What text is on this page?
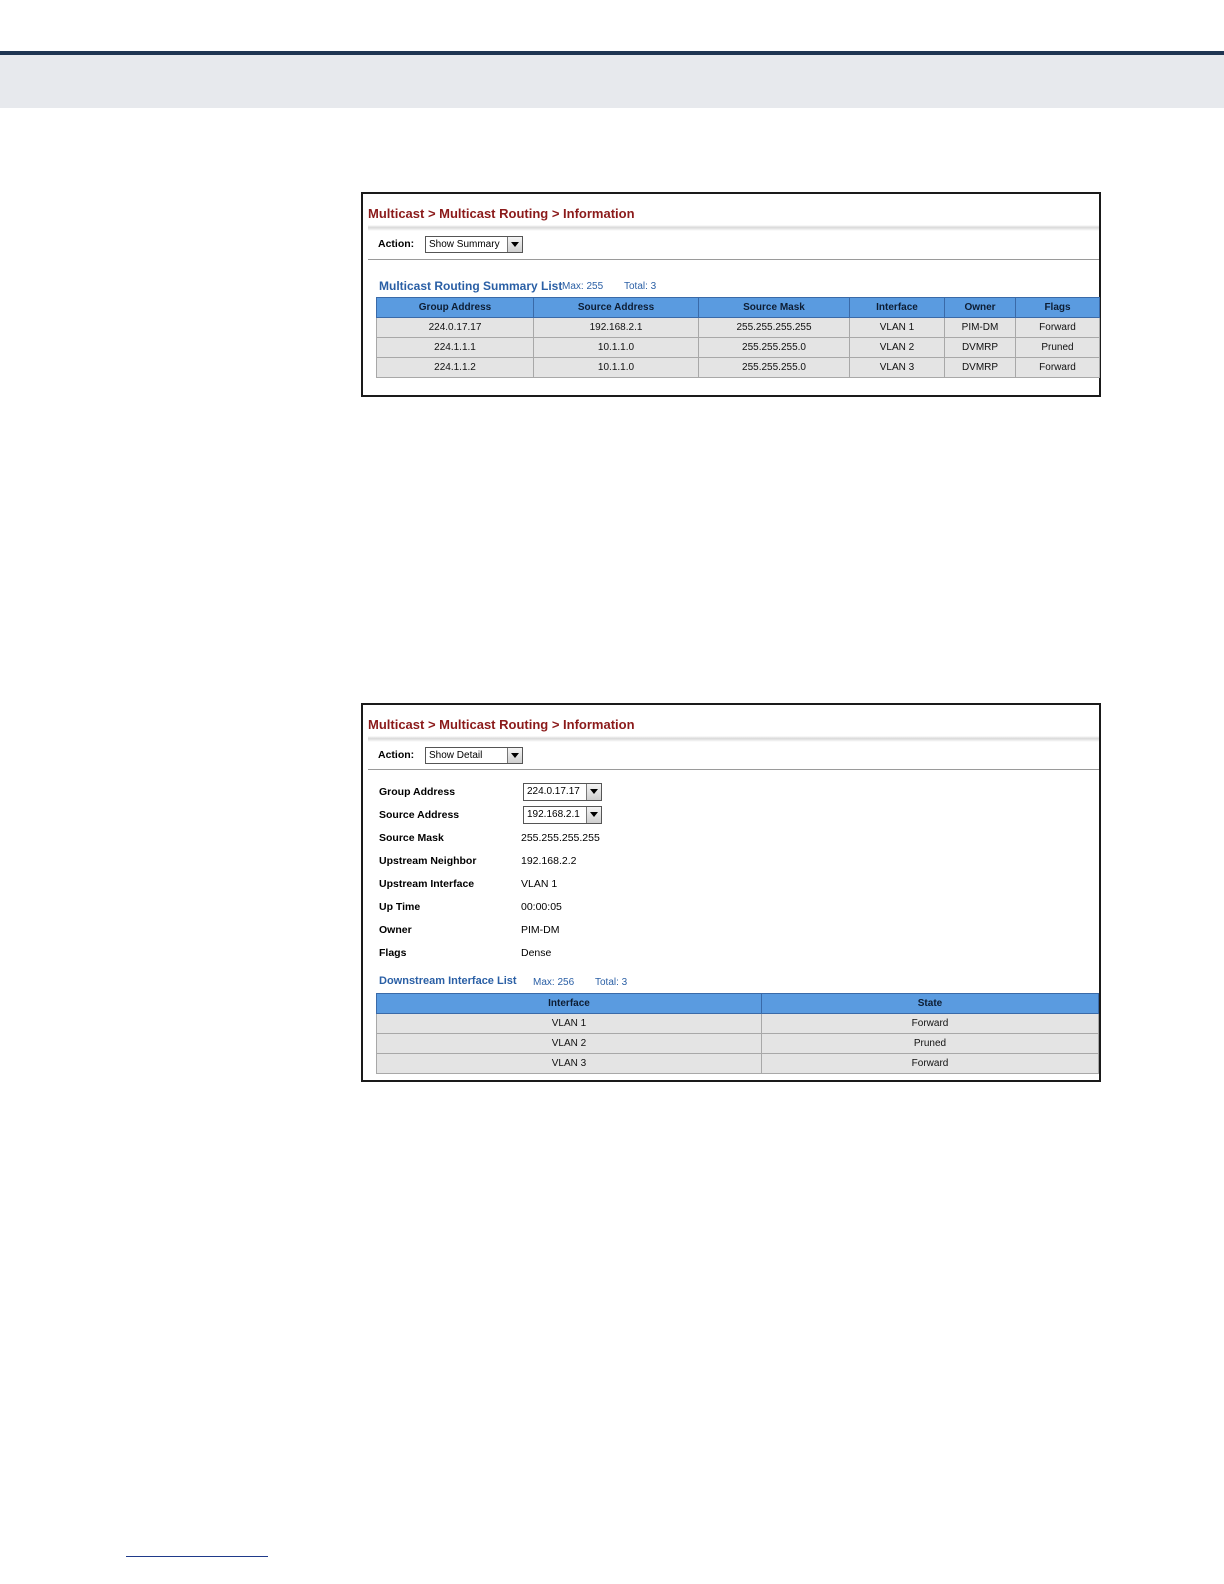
Multicast > Multicast Routing > Information
Action: Show Summary
Multicast Routing Summary List Max: 255 Total: 3
Group Address	Source Address	Source Mask	Interface	Owner	Flags
224.0.17.17	192.168.2.1	255.255.255.255	VLAN 1	PIM-DM	Forward
224.1.1.1	10.1.1.0	255.255.255.0	VLAN 2	DVMRP	Pruned
224.1.1.2	10.1.1.0	255.255.255.0	VLAN 3	DVMRP	Forward
Multicast > Multicast Routing > Information
Action: Show Detail
Group Address	224.0.17.17
Source Address	192.168.2.1
Source Mask	255.255.255.255
Upstream Neighbor	192.168.2.2
Upstream Interface	VLAN 1
Up Time	00:00:05
Owner	PIM-DM
Flags	Dense
Downstream Interface List Max: 256 Total: 3
Interface	State
VLAN 1	Forward
VLAN 2	Pruned
VLAN 3	Forward
